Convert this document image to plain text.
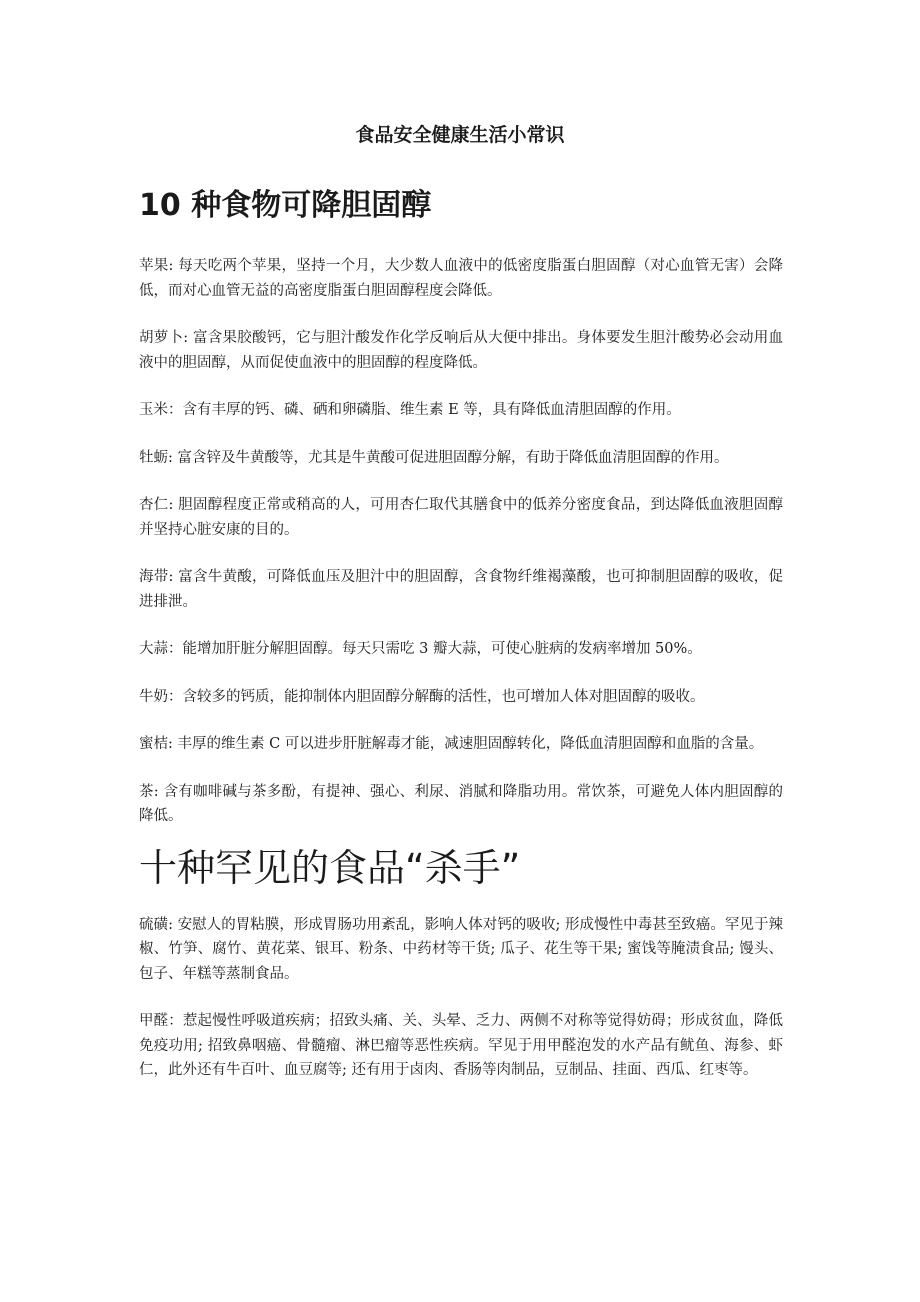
食品安全健康生活小常识
10 种食物可降胆固醇

苹果: 每天吃两个苹果，坚持一个月，大少数人血液中的低密度脂蛋白胆固醇（对心血管无害）会降低，而对心血管无益的高密度脂蛋白胆固醇程度会降低。

胡萝卜: 富含果胶酸钙，它与胆汁酸发作化学反响后从大便中排出。身体要发生胆汁酸势必会动用血液中的胆固醇，从而促使血液中的胆固醇的程度降低。

玉米：含有丰厚的钙、磷、硒和卵磷脂、维生素 E 等，具有降低血清胆固醇的作用。

牡蛎: 富含锌及牛黄酸等，尤其是牛黄酸可促进胆固醇分解，有助于降低血清胆固醇的作用。

杏仁: 胆固醇程度正常或稍高的人，可用杏仁取代其膳食中的低养分密度食品，到达降低血液胆固醇并坚持心脏安康的目的。

海带: 富含牛黄酸，可降低血压及胆汁中的胆固醇，含食物纤维褐藻酸，也可抑制胆固醇的吸收，促进排泄。

大蒜：能增加肝脏分解胆固醇。每天只需吃 3 瓣大蒜，可使心脏病的发病率增加 50%。

牛奶：含较多的钙质，能抑制体内胆固醇分解酶的活性，也可增加人体对胆固醇的吸收。

蜜桔: 丰厚的维生素 C 可以进步肝脏解毒才能，减速胆固醇转化，降低血清胆固醇和血脂的含量。

茶: 含有咖啡碱与茶多酚，有提神、强心、利尿、消腻和降脂功用。常饮茶，可避免人体内胆固醇的降低。

十种罕见的食品“杀手”

硫磺: 安慰人的胃粘膜，形成胃肠功用紊乱，影响人体对钙的吸收; 形成慢性中毒甚至致癌。罕见于辣椒、竹笋、腐竹、黄花菜、银耳、粉条、中药材等干货; 瓜子、花生等干果; 蜜饯等腌渍食品; 馒头、包子、年糕等蒸制食品。

甲醛：惹起慢性呼吸道疾病；招致头痛、关、头晕、乏力、两侧不对称等觉得妨碍；形成贫血，降低免疫功用; 招致鼻咽癌、骨髓瘤、淋巴瘤等恶性疾病。罕见于用甲醛泡发的水产品有鱿鱼、海参、虾仁，此外还有牛百叶、血豆腐等; 还有用于卤肉、香肠等肉制品，豆制品、挂面、西瓜、红枣等。
